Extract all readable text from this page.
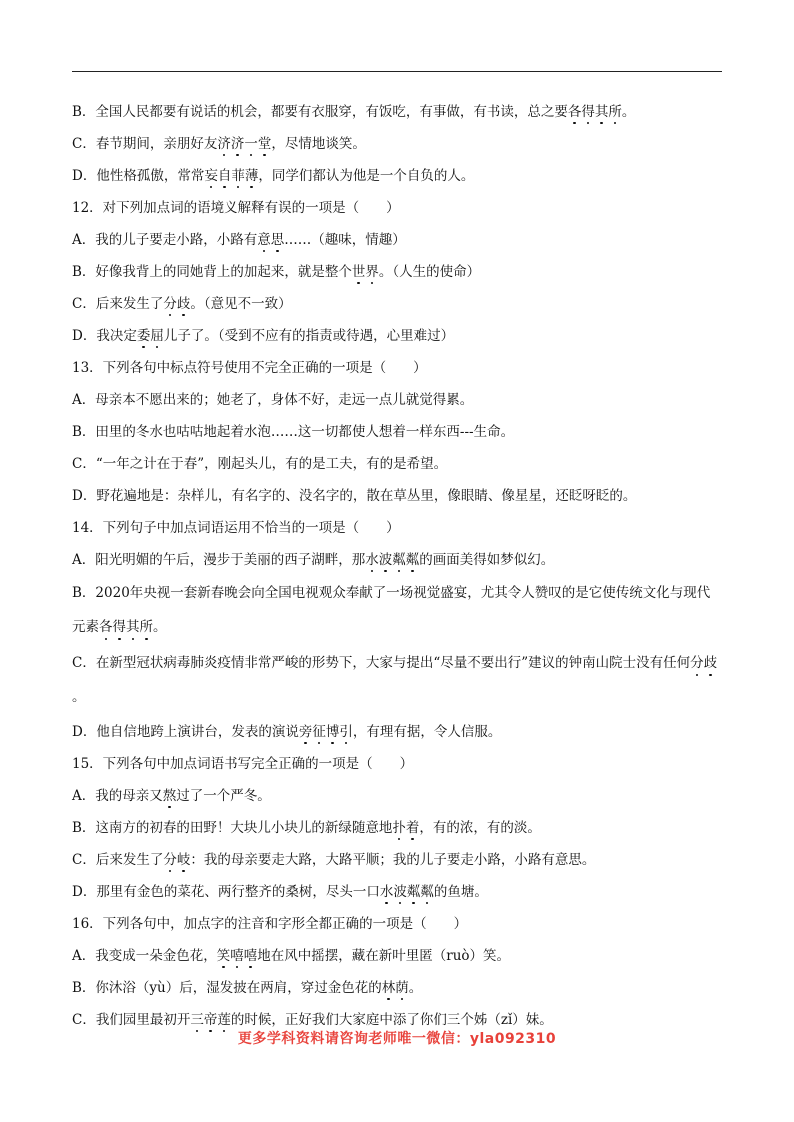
B．全国人民都要有说话的机会，都要有衣服穿，有饭吃，有事做，有书读，总之要各得其所。
C．春节期间，亲朋好友济济一堂，尽情地谈笑。
D．他性格孤傲，常常妄自菲薄，同学们都认为他是一个自负的人。
12．对下列加点词的语境义解释有误的一项是（　　）
A．我的儿子要走小路，小路有意思……（趣味，情趣）
B．好像我背上的同她背上的加起来，就是整个世界。（人生的使命）
C．后来发生了分歧。（意见不一致）
D．我决定委屈儿子了。（受到不应有的指责或待遇，心里难过）
13．下列各句中标点符号使用不完全正确的一项是（　　）
A．母亲本不愿出来的；她老了，身体不好，走远一点儿就觉得累。
B．田里的冬水也咕咕地起着水泡……这一切都使人想着一样东西---生命。
C．“一年之计在于春”，刚起头儿，有的是工夫，有的是希望。
D．野花遍地是：杂样儿，有名字的、没名字的，散在草丛里，像眼睛、像星星，还眨呀眨的。
14．下列句子中加点词语运用不恰当的一项是（　　）
A．阳光明媚的午后，漫步于美丽的西子湖畔，那水波粼粼的画面美得如梦似幻。
B．2020年央视一套新春晚会向全国电视观众奉献了一场视觉盛宴，尤其令人赞叹的是它使传统文化与现代元素各得其所。
C．在新型冠状病毒肺炎疫情非常严峻的形势下，大家与提出“尽量不要出行”建议的钟南山院士没有任何分歧。
D．他自信地跨上演讲台，发表的演说旁征博引，有理有据，令人信服。
15．下列各句中加点词语书写完全正确的一项是（　　）
A．我的母亲又熬过了一个严冬。
B．这南方的初春的田野！大块儿小块儿的新绿随意地扑着，有的浓，有的淡。
C．后来发生了分岐：我的母亲要走大路，大路平顺；我的儿子要走小路，小路有意思。
D．那里有金色的菜花、两行整齐的桑树，尽头一口水波粼粼的鱼塘。
16．下列各句中，加点字的注音和字形全都正确的一项是（　　）
A．我变成一朵金色花，笑嘻嘻地在风中摇摆，藏在新叶里匿（ruò）笑。
B．你沐浴（yù）后，湿发披在两肩，穿过金色花的林荫。
C．我们园里最初开三帝莲的时候，正好我们大家庭中添了你们三个姊（zǐ）妹。
更多学科资料请咨询老师唯一微信：yla092310
